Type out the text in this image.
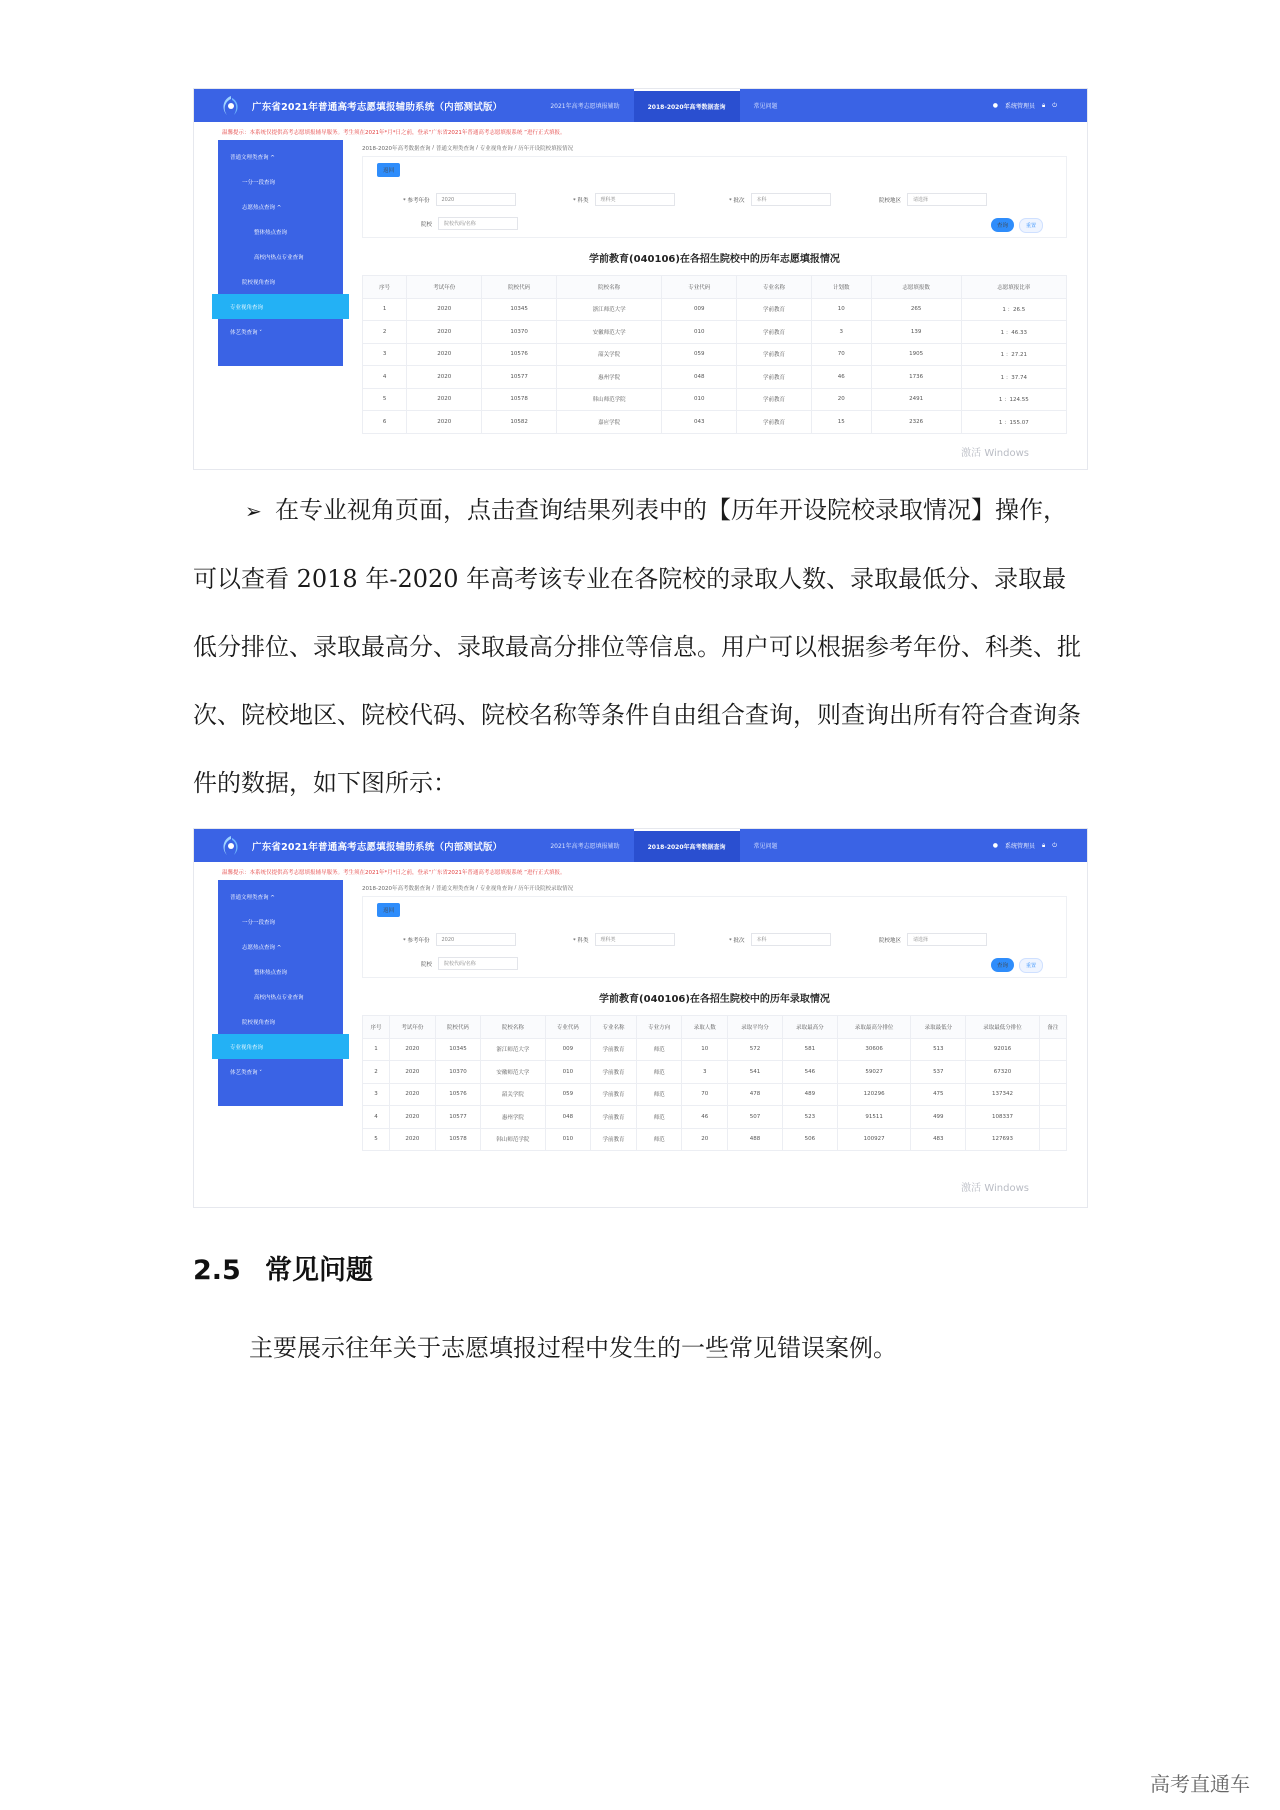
广东省2021年普通高考志愿填报辅助系统（内部测试版）	2021年高考志愿填报辅助	2018-2020年高考数据查询	常见问题	● 系统管理员 🔒︎ ⏻
温馨提示：本系统仅提供高考志愿填报辅导服务。考生须在2021年*月*日之前，登录“广东省2021年普通高考志愿填报系统 ”进行正式填报。
普通文理类查询 ^
一分一段查询
志愿热点查询 ^
整体热点查询
高校内热点专业查询
院校视角查询
专业视角查询
体艺类查询 ˅
2018-2020年高考数据查询 / 普通文理类查询 / 专业视角查询 / 历年开设院校填报情况
返回
* 参考年份	2020	* 科类	理科类	* 批次	本科	院校地区	请选择
院校	院校代码/名称	查询	重置
学前教育(040106)在各招生院校中的历年志愿填报情况
序号	考试年份	院校代码	院校名称	专业代码	专业名称	计划数	志愿填报数	志愿填报比率
1	2020	10345	浙江师范大学	009	学前教育	10	265	1 ：26.5
2	2020	10370	安徽师范大学	010	学前教育	3	139	1 ：46.33
3	2020	10576	韶关学院	059	学前教育	70	1905	1 ：27.21
4	2020	10577	惠州学院	048	学前教育	46	1736	1 ：37.74
5	2020	10578	韩山师范学院	010	学前教育	20	2491	1 ：124.55
6	2020	10582	嘉应学院	043	学前教育	15	2326	1 ：155.07
激活 Windows
➢ 在专业视角页面，点击查询结果列表中的【历年开设院校录取情况】操作，可以查看 2018 年-2020 年高考该专业在各院校的录取人数、录取最低分、录取最低分排位、录取最高分、录取最高分排位等信息。用户可以根据参考年份、科类、批次、院校地区、院校代码、院校名称等条件自由组合查询，则查询出所有符合查询条件的数据，如下图所示：
广东省2021年普通高考志愿填报辅助系统（内部测试版）	2021年高考志愿填报辅助	2018-2020年高考数据查询	常见问题	● 系统管理员 🔒︎ ⏻
温馨提示：本系统仅提供高考志愿填报辅导服务。考生须在2021年*月*日之前，登录“广东省2021年普通高考志愿填报系统 ”进行正式填报。
普通文理类查询 ^
一分一段查询
志愿热点查询 ^
整体热点查询
高校内热点专业查询
院校视角查询
专业视角查询
体艺类查询 ˅
2018-2020年高考数据查询 / 普通文理类查询 / 专业视角查询 / 历年开设院校录取情况
返回
* 参考年份	2020	* 科类	理科类	* 批次	本科	院校地区	请选择
院校	院校代码/名称	查询	重置
学前教育(040106)在各招生院校中的历年录取情况
序号	考试年份	院校代码	院校名称	专业代码	专业名称	专业方向	录取人数	录取平均分	录取最高分	录取最高分排位	录取最低分	录取最低分排位	备注
1	2020	10345	浙江师范大学	009	学前教育	师范	10	572	581	30606	513	92016	
2	2020	10370	安徽师范大学	010	学前教育	师范	3	541	546	59027	537	67320	
3	2020	10576	韶关学院	059	学前教育	师范	70	478	489	120296	475	137342	
4	2020	10577	惠州学院	048	学前教育	师范	46	507	523	91511	499	108337	
5	2020	10578	韩山师范学院	010	学前教育	师范	20	488	506	100927	483	127693	
激活 Windows
2.5 常见问题
主要展示往年关于志愿填报过程中发生的一些常见错误案例。
高考直通车
